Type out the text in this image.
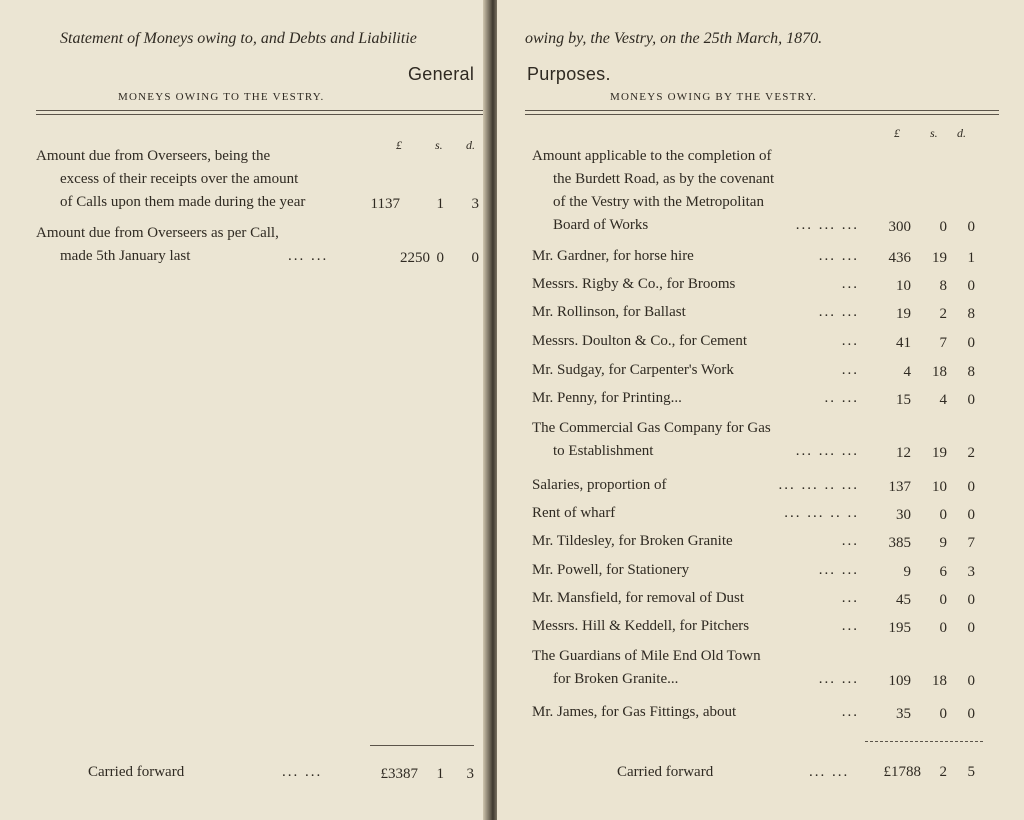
Statement of Moneys owing to, and Debts and Liabilitie
General
MONEYS OWING TO THE VESTRY.
£	s. d.
Amount due from Overseers, being the
excess of their receipts over the amount
of Calls upon them made during the year	1137	1	3
Amount due from Overseers as per Call,
made 5th January last	... ...	2250 0	0
Carried forward	... ...	£3387	1	3
owing by, the Vestry, on the 25th March, 1870.
Purposes.
MONEYS OWING BY THE VESTRY.
£	s. d.
Amount applicable to the completion of
the Burdett Road, as by the covenant
of the Vestry with the Metropolitan
Board of Works	... ... ...	300	0	0
Mr. Gardner, for horse hire	... ...	436	19	1
Messrs. Rigby & Co., for Brooms	...	10	8	0
Mr. Rollinson, for Ballast	... ...	19	2	8
Messrs. Doulton & Co., for Cement	...	41	7	0
Mr. Sudgay, for Carpenter's Work	...	4	18	8
Mr. Penny, for Printing...	.. ...	15	4	0
The Commercial Gas Company for Gas
to Establishment	... ... ...	12	19	2
Salaries, proportion of	... ... .. ...	137	10	0
Rent of wharf	... ... .. ..	30	0	0
Mr. Tildesley, for Broken Granite	...	385	9	7
Mr. Powell, for Stationery	... ...	9	6	3
Mr. Mansfield, for removal of Dust	...	45	0	0
Messrs. Hill & Keddell, for Pitchers	...	195	0	0
The Guardians of Mile End Old Town
for Broken Granite...	... ...	109	18	0
Mr. James, for Gas Fittings, about	...	35	0	0
Carried forward	... ...	£1788	2	5
